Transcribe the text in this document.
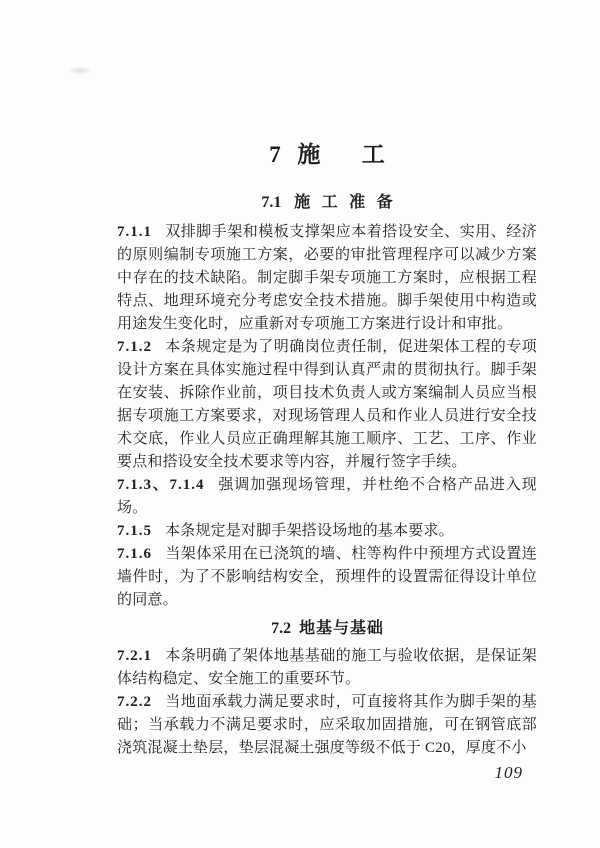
7 施工
7.1 施工准备

7.1.1 双排脚手架和模板支撑架应本着搭设安全、实用、经济的原则编制专项施工方案，必要的审批管理程序可以减少方案中存在的技术缺陷。制定脚手架专项施工方案时，应根据工程特点、地理环境充分考虑安全技术措施。脚手架使用中构造或用途发生变化时，应重新对专项施工方案进行设计和审批。

7.1.2 本条规定是为了明确岗位责任制，促进架体工程的专项设计方案在具体实施过程中得到认真严肃的贯彻执行。脚手架在安装、拆除作业前，项目技术负责人或方案编制人员应当根据专项施工方案要求，对现场管理人员和作业人员进行安全技术交底，作业人员应正确理解其施工顺序、工艺、工序、作业要点和搭设安全技术要求等内容，并履行签字手续。

7.1.3、7.1.4 强调加强现场管理，并杜绝不合格产品进入现场。

7.1.5 本条规定是对脚手架搭设场地的基本要求。

7.1.6 当架体采用在已浇筑的墙、柱等构件中预埋方式设置连墙件时，为了不影响结构安全，预埋件的设置需征得设计单位的同意。

7.2 地基与基础

7.2.1 本条明确了架体地基基础的施工与验收依据，是保证架体结构稳定、安全施工的重要环节。

7.2.2 当地面承载力满足要求时，可直接将其作为脚手架的基础；当承载力不满足要求时，应采取加固措施，可在钢管底部浇筑混凝土垫层，垫层混凝土强度等级不低于 C20，厚度不小

109
